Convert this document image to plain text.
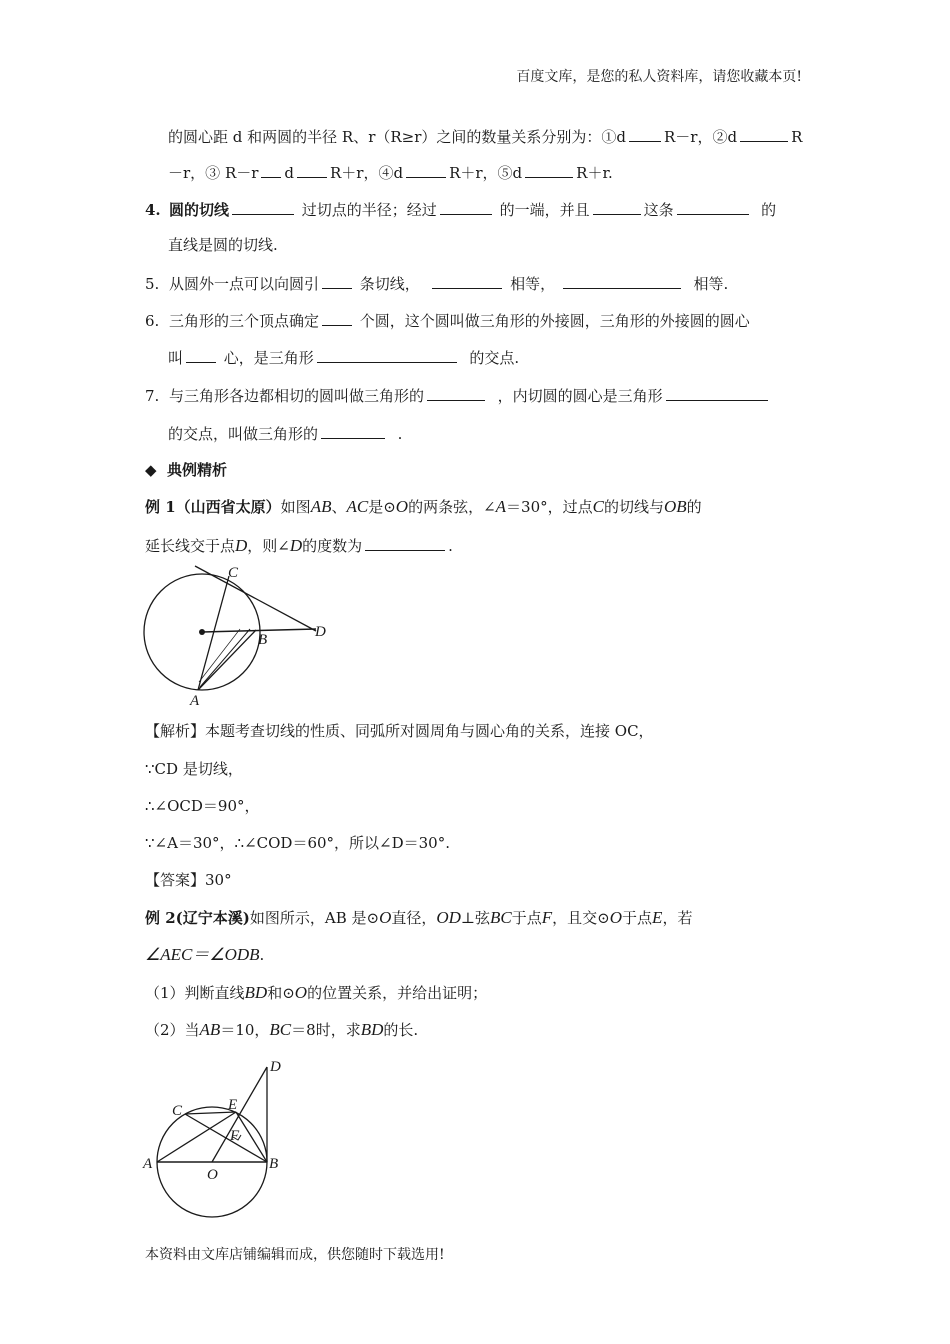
百度文库，是您的私人资料库，请您收藏本页!
的圆心距 d 和两圆的半径 R、r（R≥r）之间的数量关系分别为：①d	R－r，②d	R
－r，③ R－r d R＋r，④d	R＋r，⑤d	R＋r.
4. 圆的切线	过切点的半径；经过	的一端，并且	这条	的
直线是圆的切线.
5. 从圆外一点可以向圆引	条切线，	相等，	相等.
6. 三角形的三个顶点确定	个圆，这个圆叫做三角形的外接圆，三角形的外接圆的圆心
叫	心，是三角形	的交点.
7. 与三角形各边都相切的圆叫做三角形的	，内切圆的圆心是三角形
的交点，叫做三角形的	.
◆ 典例精析
例 1（山西省太原）如图AB、AC是⊙O的两条弦，∠A＝30°，过点C的切线与OB的
延长线交于点D，则∠D的度数为	.
C
B	D
A
【解析】本题考查切线的性质、同弧所对圆周角与圆心角的关系，连接 OC，
∵CD 是切线，
∴∠OCD＝90°，
∵∠A＝30°，∴∠COD＝60°，所以∠D＝30°.
【答案】30°
例 2(辽宁本溪)如图所示，AB 是⊙O直径，OD⊥弦BC于点F，且交⊙O于点E，若
∠AEC＝∠ODB.
（1）判断直线BD和⊙O的位置关系，并给出证明；
（2）当AB＝10，BC＝8时，求BD的长.
D
C	E
F
A
O
B
本资料由文库店铺编辑而成，供您随时下载选用!
